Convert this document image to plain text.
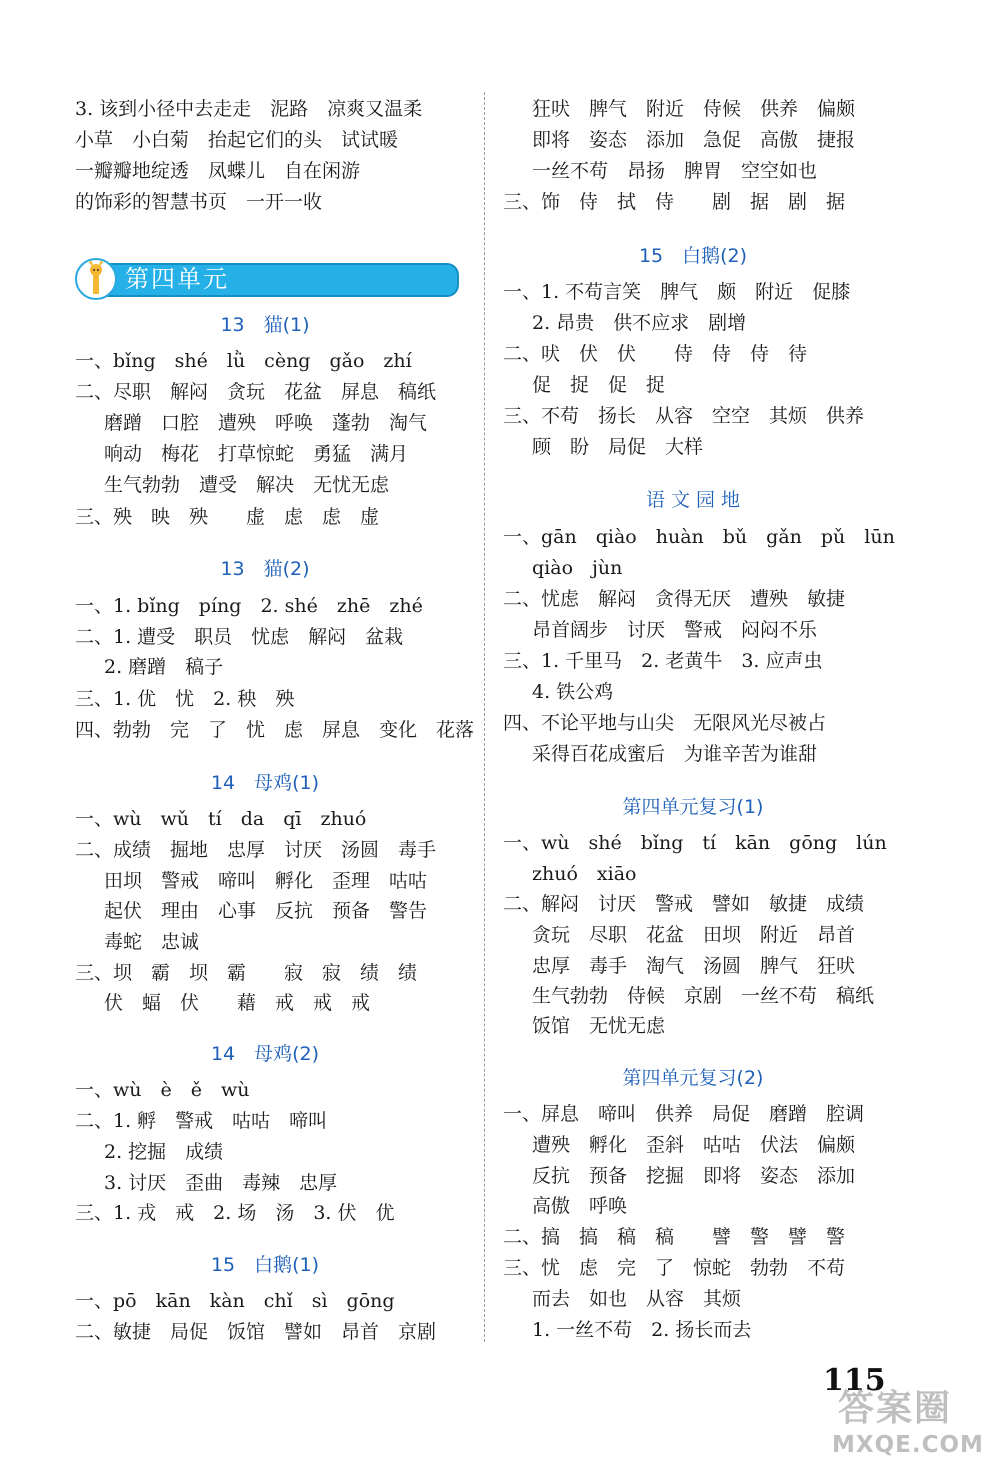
3. 该到小径中去走走　泥路　凉爽又温柔
小草　小白菊　抬起它们的头　试试暖
一瓣瓣地绽透　凤蝶儿　自在闲游
的饰彩的智慧书页　一开一收
第四单元
13　猫(1)
一、bǐng　shé　lǜ　cèng　gǎo　zhí
二、尽职　解闷　贪玩　花盆　屏息　稿纸
磨蹭　口腔　遭殃　呼唤　蓬勃　淘气
响动　梅花　打草惊蛇　勇猛　满月
生气勃勃　遭受　解决　无忧无虑
三、殃　映　殃　　虚　虑　虑　虚
13　猫(2)
一、1. bǐng　píng　2. shé　zhē　zhé
二、1. 遭受　职员　忧虑　解闷　盆栽
2. 磨蹭　稿子
三、1. 优　忧　2. 秧　殃
四、勃勃　完　了　忧　虑　屏息　变化　花落
14　母鸡(1)
一、wù　wǔ　tí　da　qī　zhuó
二、成绩　掘地　忠厚　讨厌　汤圆　毒手
田坝　警戒　啼叫　孵化　歪理　咕咕
起伏　理由　心事　反抗　预备　警告
毒蛇　忠诚
三、坝　霸　坝　霸　　寂　寂　绩　绩
伏　蝠　伏　　藉　戒　戒　戒
14　母鸡(2)
一、wù　è　ě　wù
二、1. 孵　警戒　咕咕　啼叫
2. 挖掘　成绩
3. 讨厌　歪曲　毒辣　忠厚
三、1. 戎　戒　2. 场　汤　3. 伏　优
15　白鹅(1)
一、pō　kān　kàn　chǐ　sì　gōng
二、敏捷　局促　饭馆　譬如　昂首　京剧
狂吠　脾气　附近　侍候　供养　偏颇
即将　姿态　添加　急促　高傲　捷报
一丝不苟　昂扬　脾胃　空空如也
三、饰　侍　拭　侍　　剧　据　剧　据
15　白鹅(2)
一、1. 不苟言笑　脾气　颇　附近　促膝
2. 昂贵　供不应求　剧增
二、吠　伏　伏　　侍　侍　侍　待
促　捉　促　捉
三、不苟　扬长　从容　空空　其烦　供养
顾　盼　局促　大样
语 文 园 地
一、gān　qiào　huàn　bǔ　gǎn　pǔ　lūn
qiào　jùn
二、忧虑　解闷　贪得无厌　遭殃　敏捷
昂首阔步　讨厌　警戒　闷闷不乐
三、1. 千里马　2. 老黄牛　3. 应声虫
4. 铁公鸡
四、不论平地与山尖　无限风光尽被占
采得百花成蜜后　为谁辛苦为谁甜
第四单元复习(1)
一、wù　shé　bǐng　tí　kān　gōng　lún
zhuó　xiāo
二、解闷　讨厌　警戒　譬如　敏捷　成绩
贪玩　尽职　花盆　田坝　附近　昂首
忠厚　毒手　淘气　汤圆　脾气　狂吠
生气勃勃　侍候　京剧　一丝不苟　稿纸
饭馆　无忧无虑
第四单元复习(2)
一、屏息　啼叫　供养　局促　磨蹭　腔调
遭殃　孵化　歪斜　咕咕　伏法　偏颇
反抗　预备　挖掘　即将　姿态　添加
高傲　呼唤
二、搞　搞　稿　稿　　譬　警　譬　警
三、忧　虑　完　了　惊蛇　勃勃　不苟
而去　如也　从容　其烦
1. 一丝不苟　2. 扬长而去
115
答案圈
MXQE.COM
